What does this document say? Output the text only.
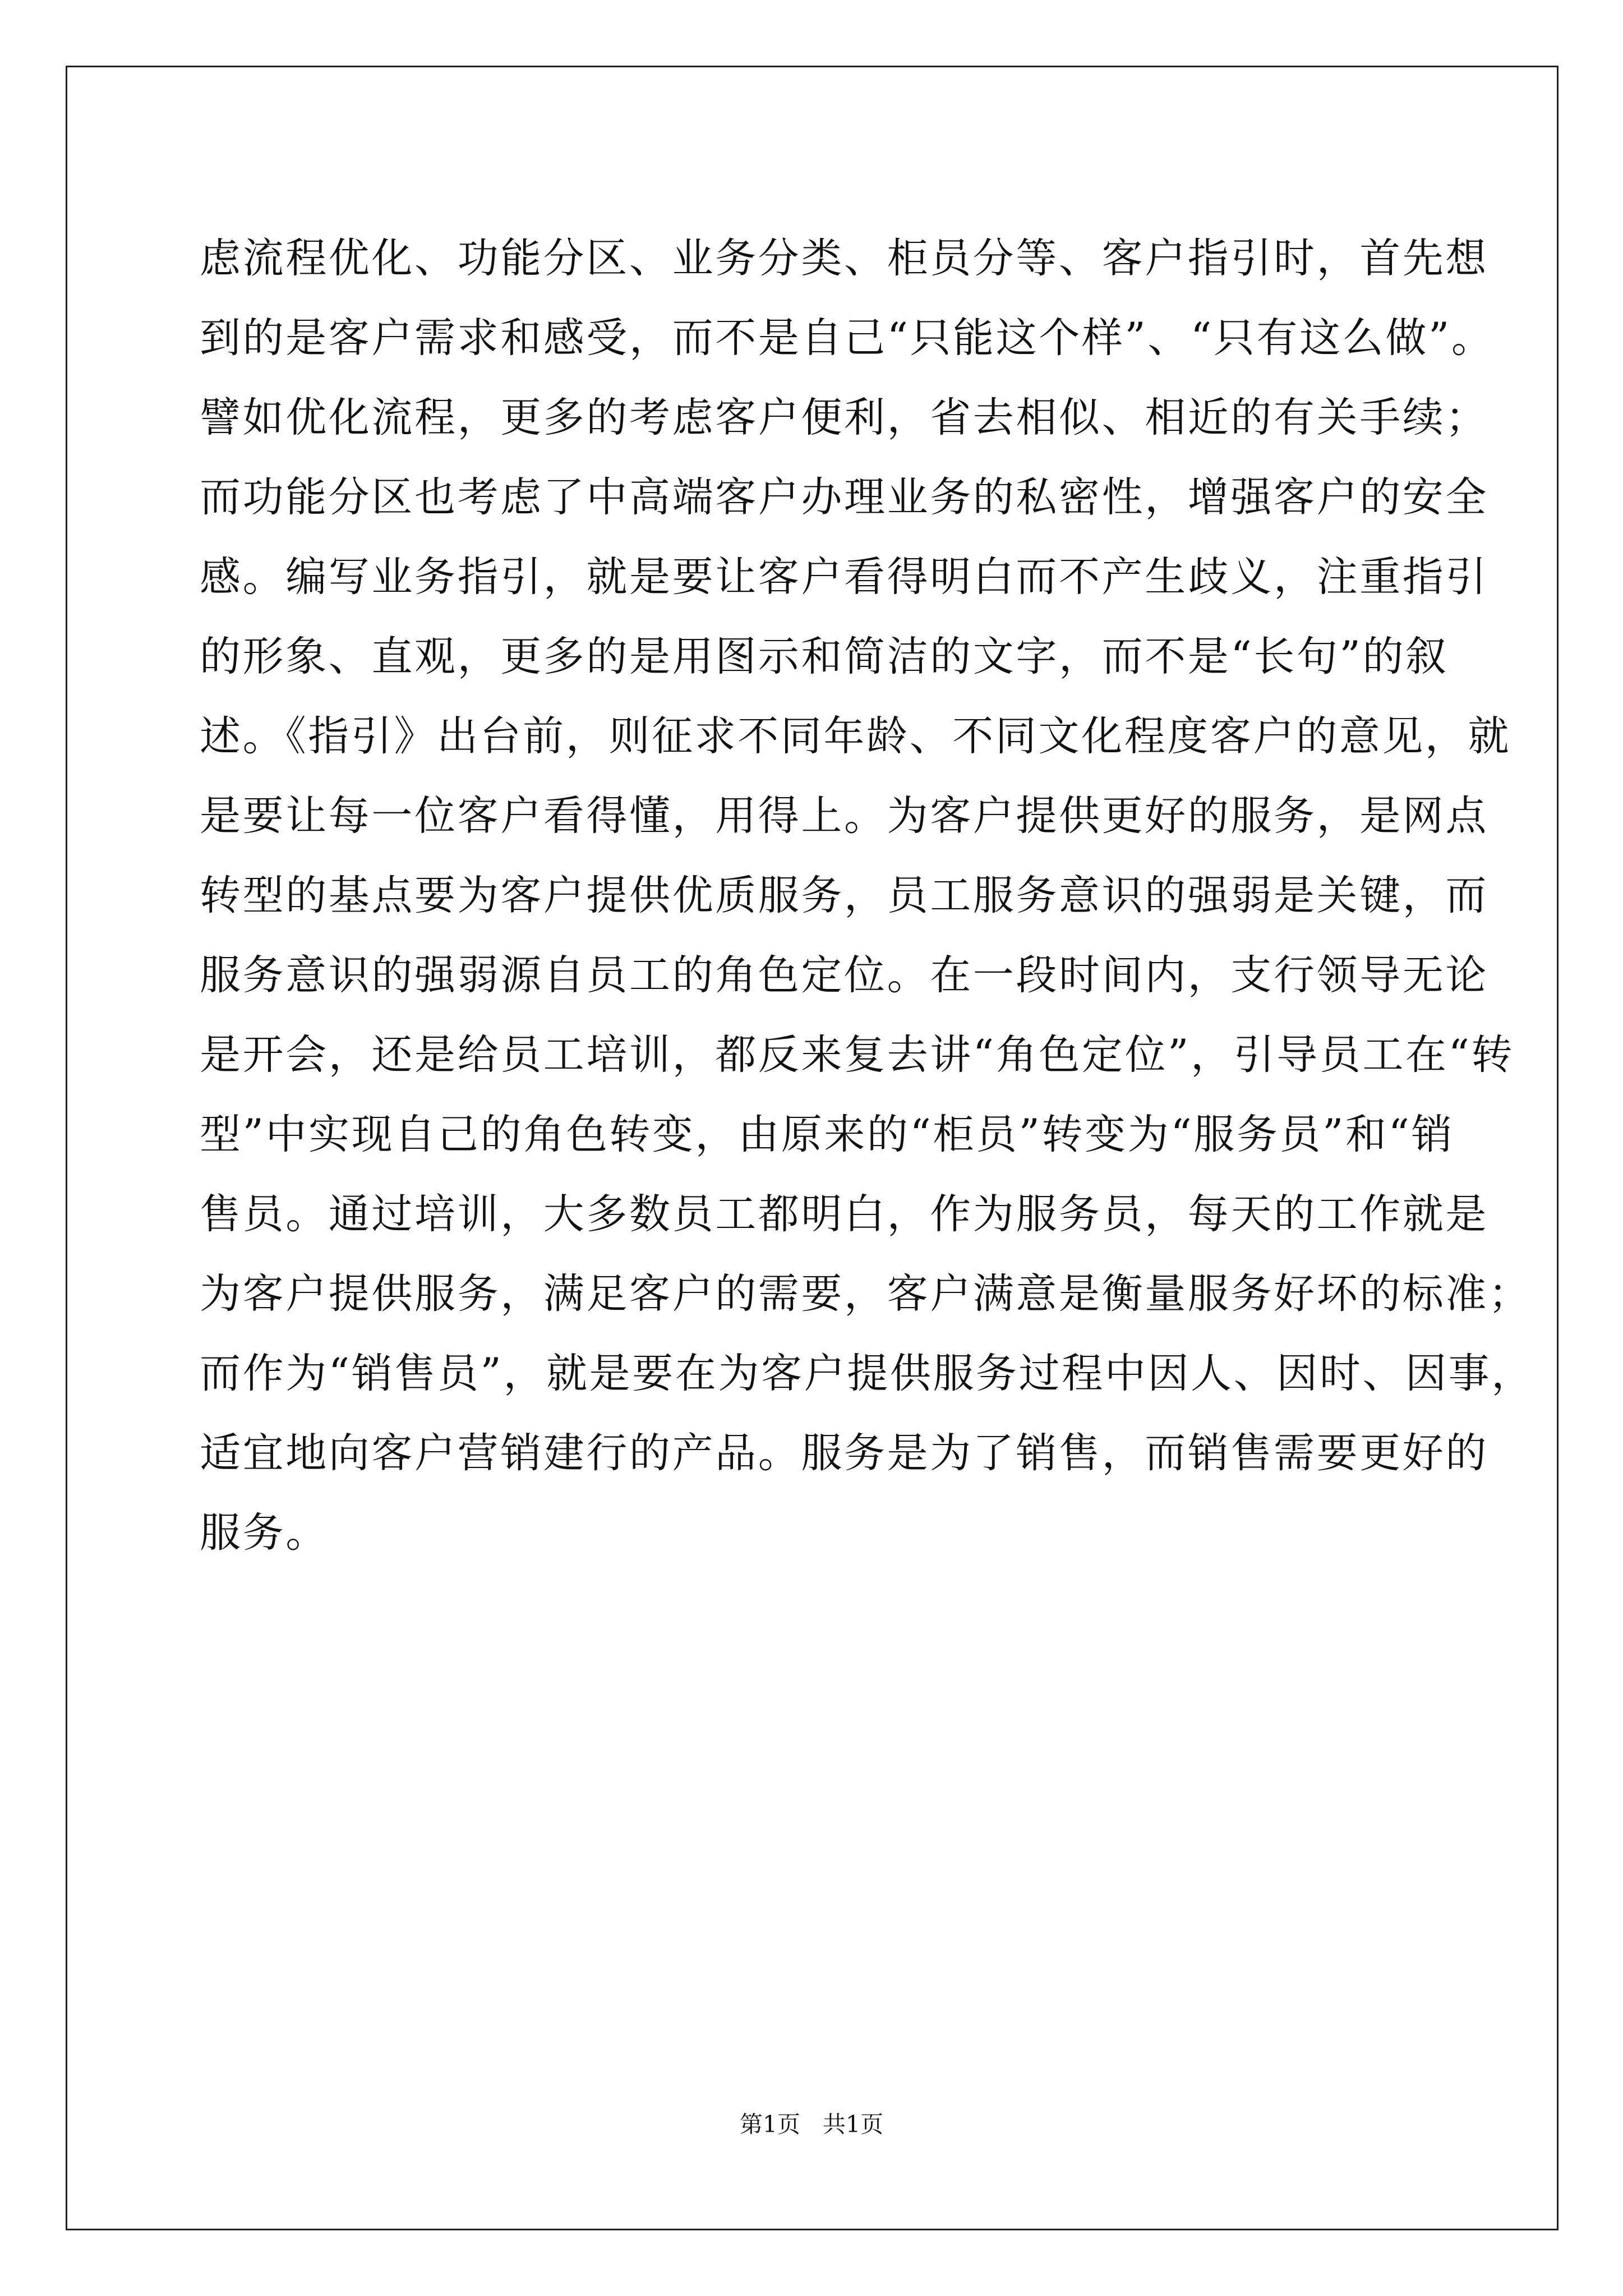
虑流程优化、功能分区、业务分类、柜员分等、客户指引时，首先想
到的是客户需求和感受，而不是自己“只能这个样”、“只有这么做”。
譬如优化流程，更多的考虑客户便利，省去相似、相近的有关手续；
而功能分区也考虑了中高端客户办理业务的私密性，增强客户的安全
感。编写业务指引，就是要让客户看得明白而不产生歧义，注重指引
的形象、直观，更多的是用图示和简洁的文字，而不是“长句”的叙
述。《指引》出台前，则征求不同年龄、不同文化程度客户的意见，就
是要让每一位客户看得懂，用得上。为客户提供更好的服务，是网点
转型的基点要为客户提供优质服务，员工服务意识的强弱是关键，而
服务意识的强弱源自员工的角色定位。在一段时间内，支行领导无论
是开会，还是给员工培训，都反来复去讲“角色定位”，引导员工在“转
型”中实现自己的角色转变，由原来的“柜员”转变为“服务员”和“销
售员。通过培训，大多数员工都明白，作为服务员，每天的工作就是
为客户提供服务，满足客户的需要，客户满意是衡量服务好坏的标准；
而作为“销售员”，就是要在为客户提供服务过程中因人、因时、因事，
适宜地向客户营销建行的产品。服务是为了销售，而销售需要更好的
服务。
第1页 共1页
